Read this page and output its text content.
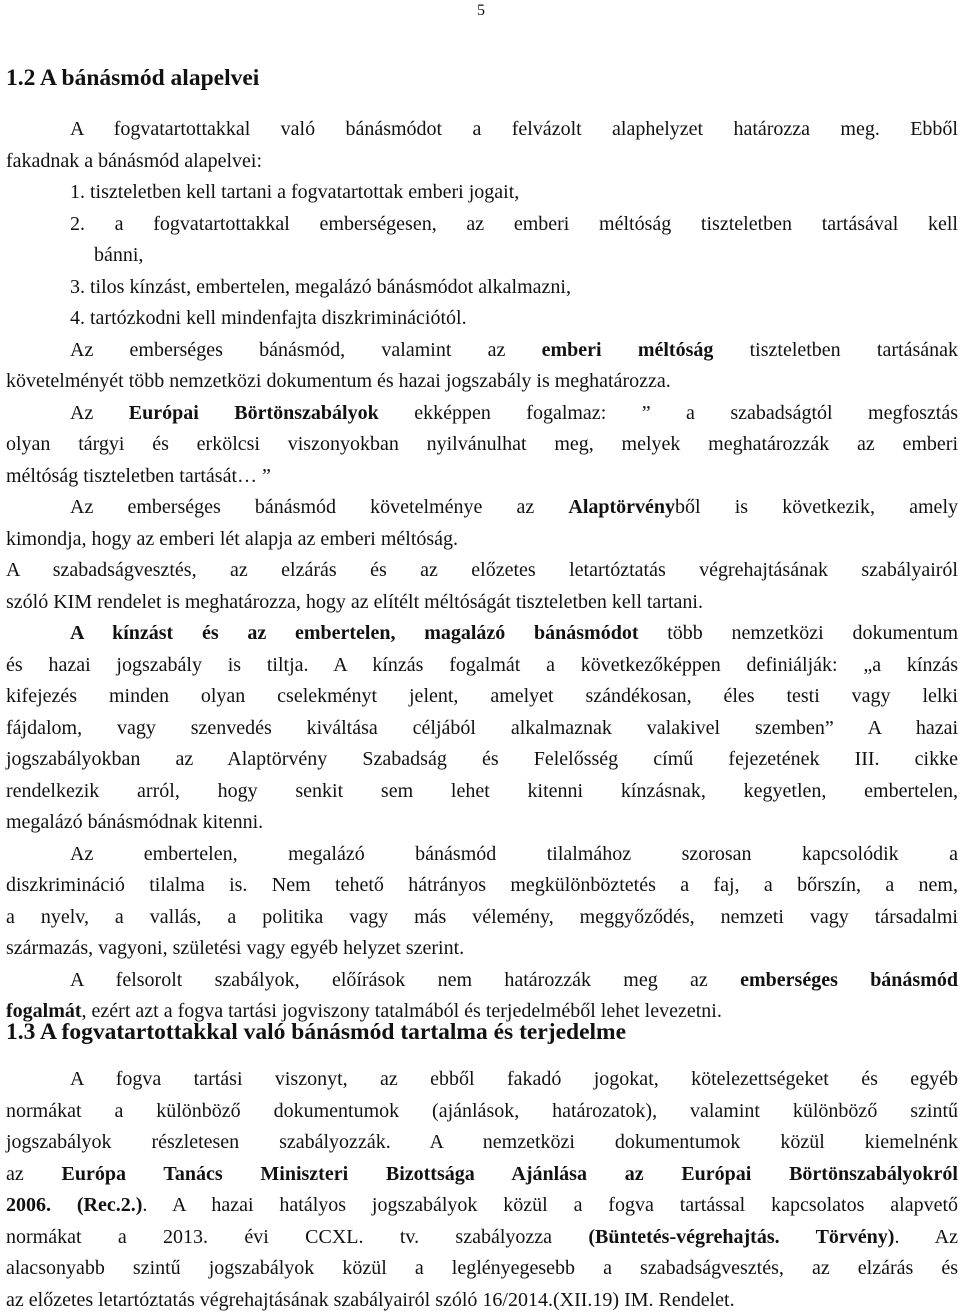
5
1.2 A bánásmód alapelvei
A fogvatartottakkal való bánásmódot a felvázolt alaphelyzet határozza meg. Ebből
fakadnak a bánásmód alapelvei:
1. tiszteletben kell tartani a fogvatartottak emberi jogait,
2. a fogvatartottakkal emberségesen, az emberi méltóság tiszteletben tartásával kell
bánni,
3. tilos kínzást, embertelen, megalázó bánásmódot alkalmazni,
4. tartózkodni kell mindenfajta diszkriminációtól.
Az emberséges bánásmód, valamint az emberi méltóság tiszteletben tartásának
követelményét több nemzetközi dokumentum és hazai jogszabály is meghatározza.
Az Európai Börtönszabályok ekképpen fogalmaz: ” a szabadságtól megfosztás
olyan tárgyi és erkölcsi viszonyokban nyilvánulhat meg, melyek meghatározzák az emberi
méltóság tiszteletben tartását… ”
Az emberséges bánásmód követelménye az Alaptörvényből is következik, amely
kimondja, hogy az emberi lét alapja az emberi méltóság.
A szabadságvesztés, az elzárás és az előzetes letartóztatás végrehajtásának szabályairól
szóló KIM rendelet is meghatározza, hogy az elítélt méltóságát tiszteletben kell tartani.
A kínzást és az embertelen, magalázó bánásmódot több nemzetközi dokumentum
és hazai jogszabály is tiltja. A kínzás fogalmát a következőképpen definiálják: „a kínzás
kifejezés minden olyan cselekményt jelent, amelyet szándékosan, éles testi vagy lelki
fájdalom, vagy szenvedés kiváltása céljából alkalmaznak valakivel szemben” A hazai
jogszabályokban az Alaptörvény Szabadság és Felelősség című fejezetének III. cikke
rendelkezik arról, hogy senkit sem lehet kitenni kínzásnak, kegyetlen, embertelen,
megalázó bánásmódnak kitenni.
Az embertelen, megalázó bánásmód tilalmához szorosan kapcsolódik a
diszkrimináció tilalma is. Nem tehető hátrányos megkülönböztetés a faj, a bőrszín, a nem,
a nyelv, a vallás, a politika vagy más vélemény, meggyőződés, nemzeti vagy társadalmi
származás, vagyoni, születési vagy egyéb helyzet szerint.
A felsorolt szabályok, előírások nem határozzák meg az emberséges bánásmód
fogalmát, ezért azt a fogva tartási jogviszony tatalmából és terjedelméből lehet levezetni.
1.3 A fogvatartottakkal való bánásmód tartalma és terjedelme
A fogva tartási viszonyt, az ebből fakadó jogokat, kötelezettségeket és egyéb
normákat a különböző dokumentumok (ajánlások, határozatok), valamint különböző szintű
jogszabályok részletesen szabályozzák. A nemzetközi dokumentumok közül kiemelnénk
az Európa Tanács Miniszteri Bizottsága Ajánlása az Európai Börtönszabályokról
2006. (Rec.2.). A hazai hatályos jogszabályok közül a fogva tartással kapcsolatos alapvető
normákat a 2013. évi CCXL. tv. szabályozza (Büntetés-végrehajtás. Törvény). Az
alacsonyabb szintű jogszabályok közül a leglényegesebb a szabadságvesztés, az elzárás és
az előzetes letartóztatás végrehajtásának szabályairól szóló 16/2014.(XII.19) IM. Rendelet.
